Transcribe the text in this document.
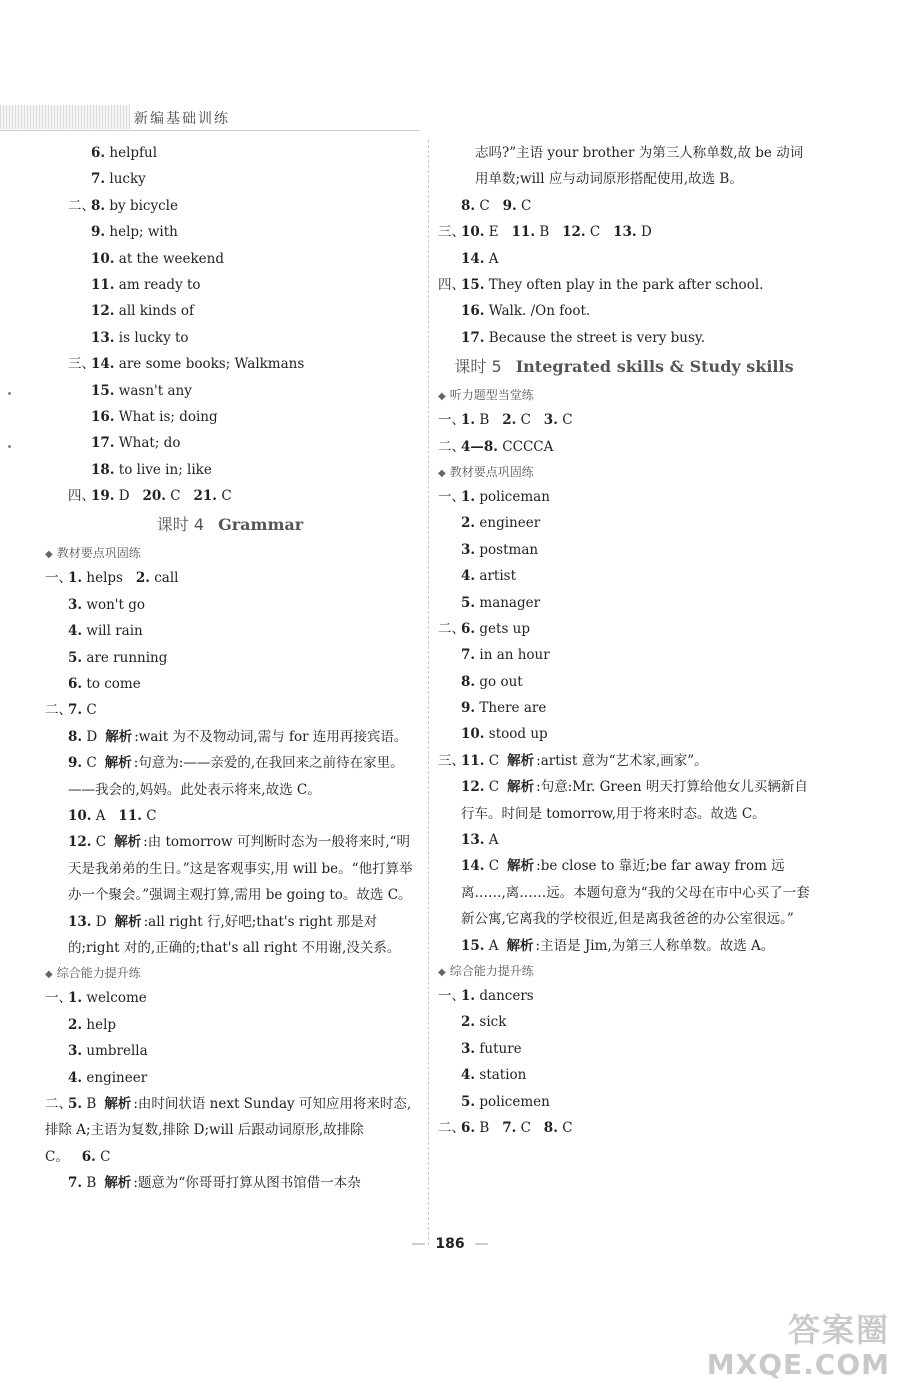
新编基础训练
6. helpful
7. lucky
二、8. by bicycle
9. help; with
10. at the weekend
11. am ready to
12. all kinds of
13. is lucky to
三、14. are some books; Walkmans
15. wasn't any
16. What is; doing
17. What; do
18. to live in; like
四、19. D 20. C 21. C
课时 4 Grammar
◆ 教材要点巩固练
一、1. helps 2. call
3. won't go
4. will rain
5. are running
6. to come
二、7. C
8. D 解析 :wait 为不及物动词,需与 for 连用再接宾语。
9. C 解析 :句意为:——亲爱的,在我回来之前待在家里。——我会的,妈妈。此处表示将来,故选 C。
10. A 11. C
12. C 解析 :由 tomorrow 可判断时态为一般将来时,“明天是我弟弟的生日。”这是客观事实,用 will be。“他打算举办一个聚会。”强调主观打算,需用 be going to。故选 C。
13. D 解析 :all right 行,好吧;that's right 那是对的;right 对的,正确的;that's all right 不用谢,没关系。
◆ 综合能力提升练
一、1. welcome
2. help
3. umbrella
4. engineer
二、5. B 解析 :由时间状语 next Sunday 可知应用将来时态,排除 A;主语为复数,排除 D;will 后跟动词原形,故排除 C。 6. C
7. B 解析 :题意为“你哥哥打算从图书馆借一本杂
志吗?”主语 your brother 为第三人称单数,故 be 动词用单数;will 应与动词原形搭配使用,故选 B。
8. C 9. C
三、10. E 11. B 12. C 13. D
14. A
四、15. They often play in the park after school.
16. Walk. /On foot.
17. Because the street is very busy.
课时 5 Integrated skills & Study skills
◆ 听力题型当堂练
一、1. B 2. C 3. C
二、4—8. CCCCA
◆ 教材要点巩固练
一、1. policeman
2. engineer
3. postman
4. artist
5. manager
二、6. gets up
7. in an hour
8. go out
9. There are
10. stood up
三、11. C 解析 :artist 意为“艺术家,画家”。
12. C 解析 :句意:Mr. Green 明天打算给他女儿买辆新自行车。时间是 tomorrow,用于将来时态。故选 C。
13. A
14. C 解析 :be close to 靠近;be far away from 远离……,离……远。本题句意为“我的父母在市中心买了一套新公寓,它离我的学校很近,但是离我爸爸的办公室很远。”
15. A 解析 :主语是 Jim,为第三人称单数。故选 A。
◆ 综合能力提升练
一、1. dancers
2. sick
3. future
4. station
5. policemen
二、6. B 7. C 8. C
— 186 —
答案圈
MXQE.COM
